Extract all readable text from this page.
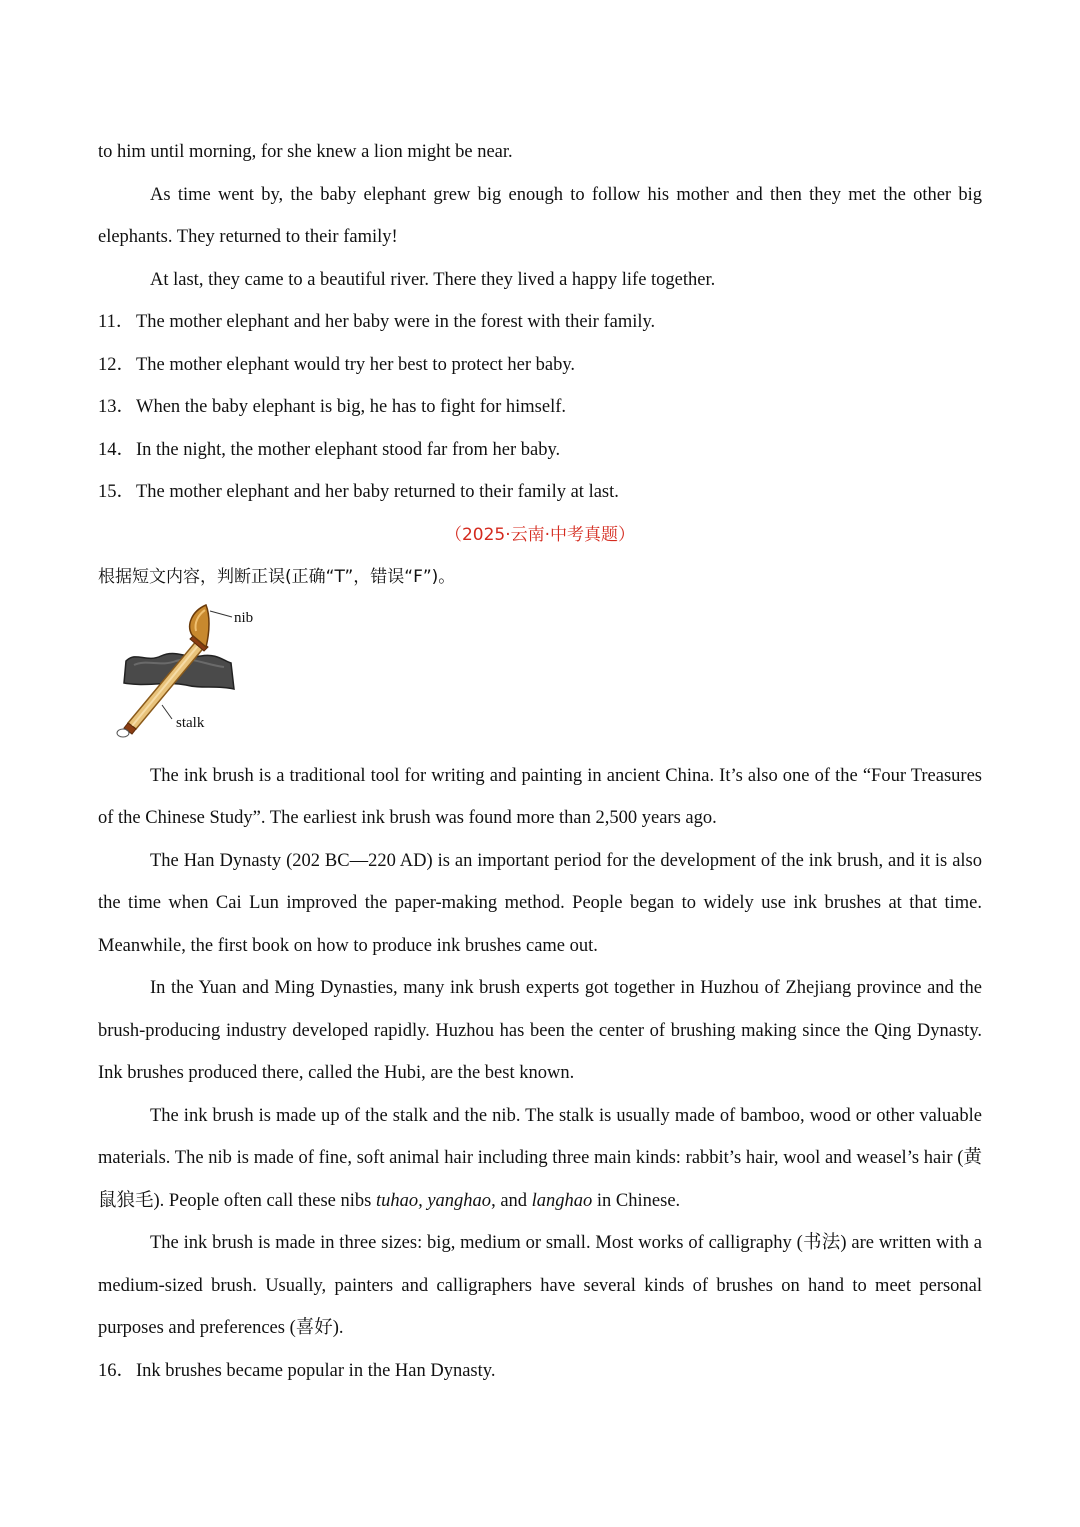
to him until morning, for she knew a lion might be near.

As time went by, the baby elephant grew big enough to follow his mother and then they met the other big elephants. They returned to their family!

At last, they came to a beautiful river. There they lived a happy life together.

11．The mother elephant and her baby were in the forest with their family.

12．The mother elephant would try her best to protect her baby.

13．When the baby elephant is big, he has to fight for himself.

14．In the night, the mother elephant stood far from her baby.

15．The mother elephant and her baby returned to their family at last.

（2025·云南·中考真题）

根据短文内容，判断正误(正确“T”，错误“F”)。

nib
stalk

The ink brush is a traditional tool for writing and painting in ancient China. It’s also one of the “Four Treasures of the Chinese Study”. The earliest ink brush was found more than 2,500 years ago.

The Han Dynasty (202 BC—220 AD) is an important period for the development of the ink brush, and it is also the time when Cai Lun improved the paper-making method. People began to widely use ink brushes at that time. Meanwhile, the first book on how to produce ink brushes came out.

In the Yuan and Ming Dynasties, many ink brush experts got together in Huzhou of Zhejiang province and the brush-producing industry developed rapidly. Huzhou has been the center of brushing making since the Qing Dynasty. Ink brushes produced there, called the Hubi, are the best known.

The ink brush is made up of the stalk and the nib. The stalk is usually made of bamboo, wood or other valuable materials. The nib is made of fine, soft animal hair including three main kinds: rabbit’s hair, wool and weasel’s hair (黄鼠狼毛). People often call these nibs tuhao, yanghao, and langhao in Chinese.

The ink brush is made in three sizes: big, medium or small. Most works of calligraphy (书法) are written with a medium-sized brush. Usually, painters and calligraphers have several kinds of brushes on hand to meet personal purposes and preferences (喜好).

16．Ink brushes became popular in the Han Dynasty.
